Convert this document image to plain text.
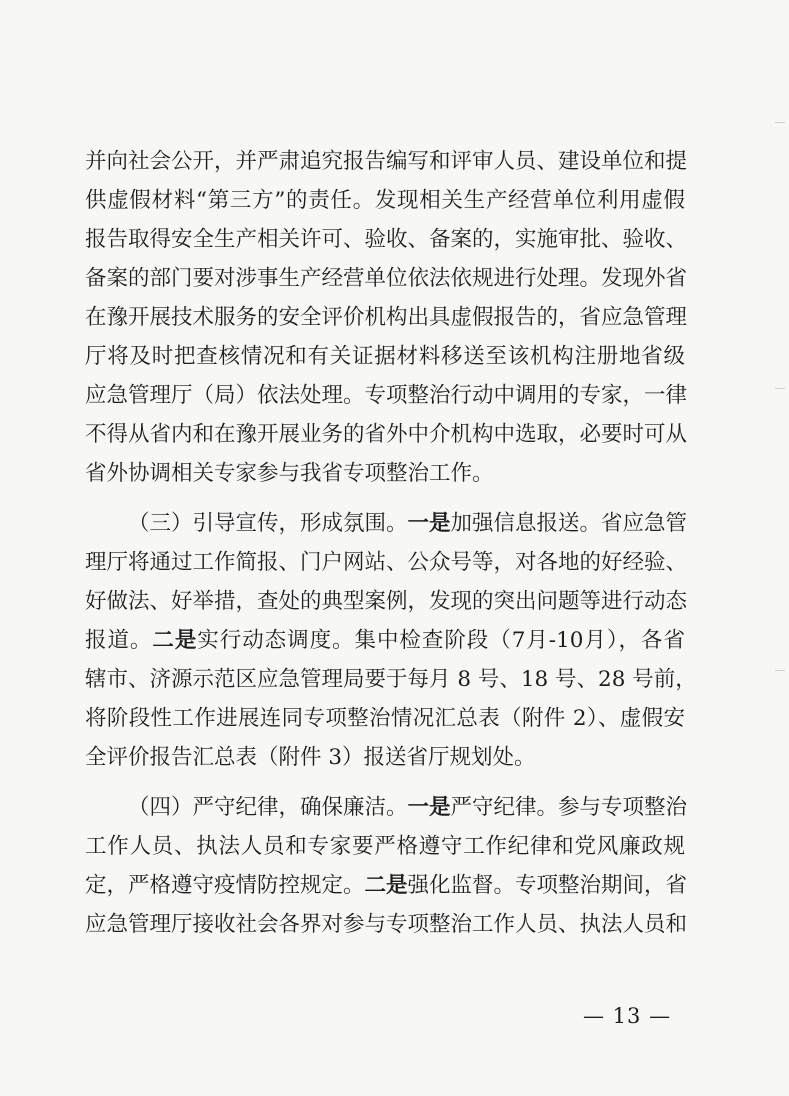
并向社会公开，并严肃追究报告编写和评审人员、建设单位和提
供虚假材料“第三方”的责任。发现相关生产经营单位利用虚假
报告取得安全生产相关许可、验收、备案的，实施审批、验收、
备案的部门要对涉事生产经营单位依法依规进行处理。发现外省
在豫开展技术服务的安全评价机构出具虚假报告的，省应急管理
厅将及时把查核情况和有关证据材料移送至该机构注册地省级
应急管理厅（局）依法处理。专项整治行动中调用的专家，一律
不得从省内和在豫开展业务的省外中介机构中选取，必要时可从
省外协调相关专家参与我省专项整治工作。
（三）引导宣传，形成氛围。一是加强信息报送。省应急管
理厅将通过工作简报、门户网站、公众号等，对各地的好经验、
好做法、好举措，查处的典型案例，发现的突出问题等进行动态
报道。二是实行动态调度。集中检查阶段（7月-10月），各省
辖市、济源示范区应急管理局要于每月 8 号、18 号、28 号前，
将阶段性工作进展连同专项整治情况汇总表（附件 2）、虚假安
全评价报告汇总表（附件 3）报送省厅规划处。
（四）严守纪律，确保廉洁。一是严守纪律。参与专项整治
工作人员、执法人员和专家要严格遵守工作纪律和党风廉政规
定，严格遵守疫情防控规定。二是强化监督。专项整治期间，省
应急管理厅接收社会各界对参与专项整治工作人员、执法人员和
— 13 —
